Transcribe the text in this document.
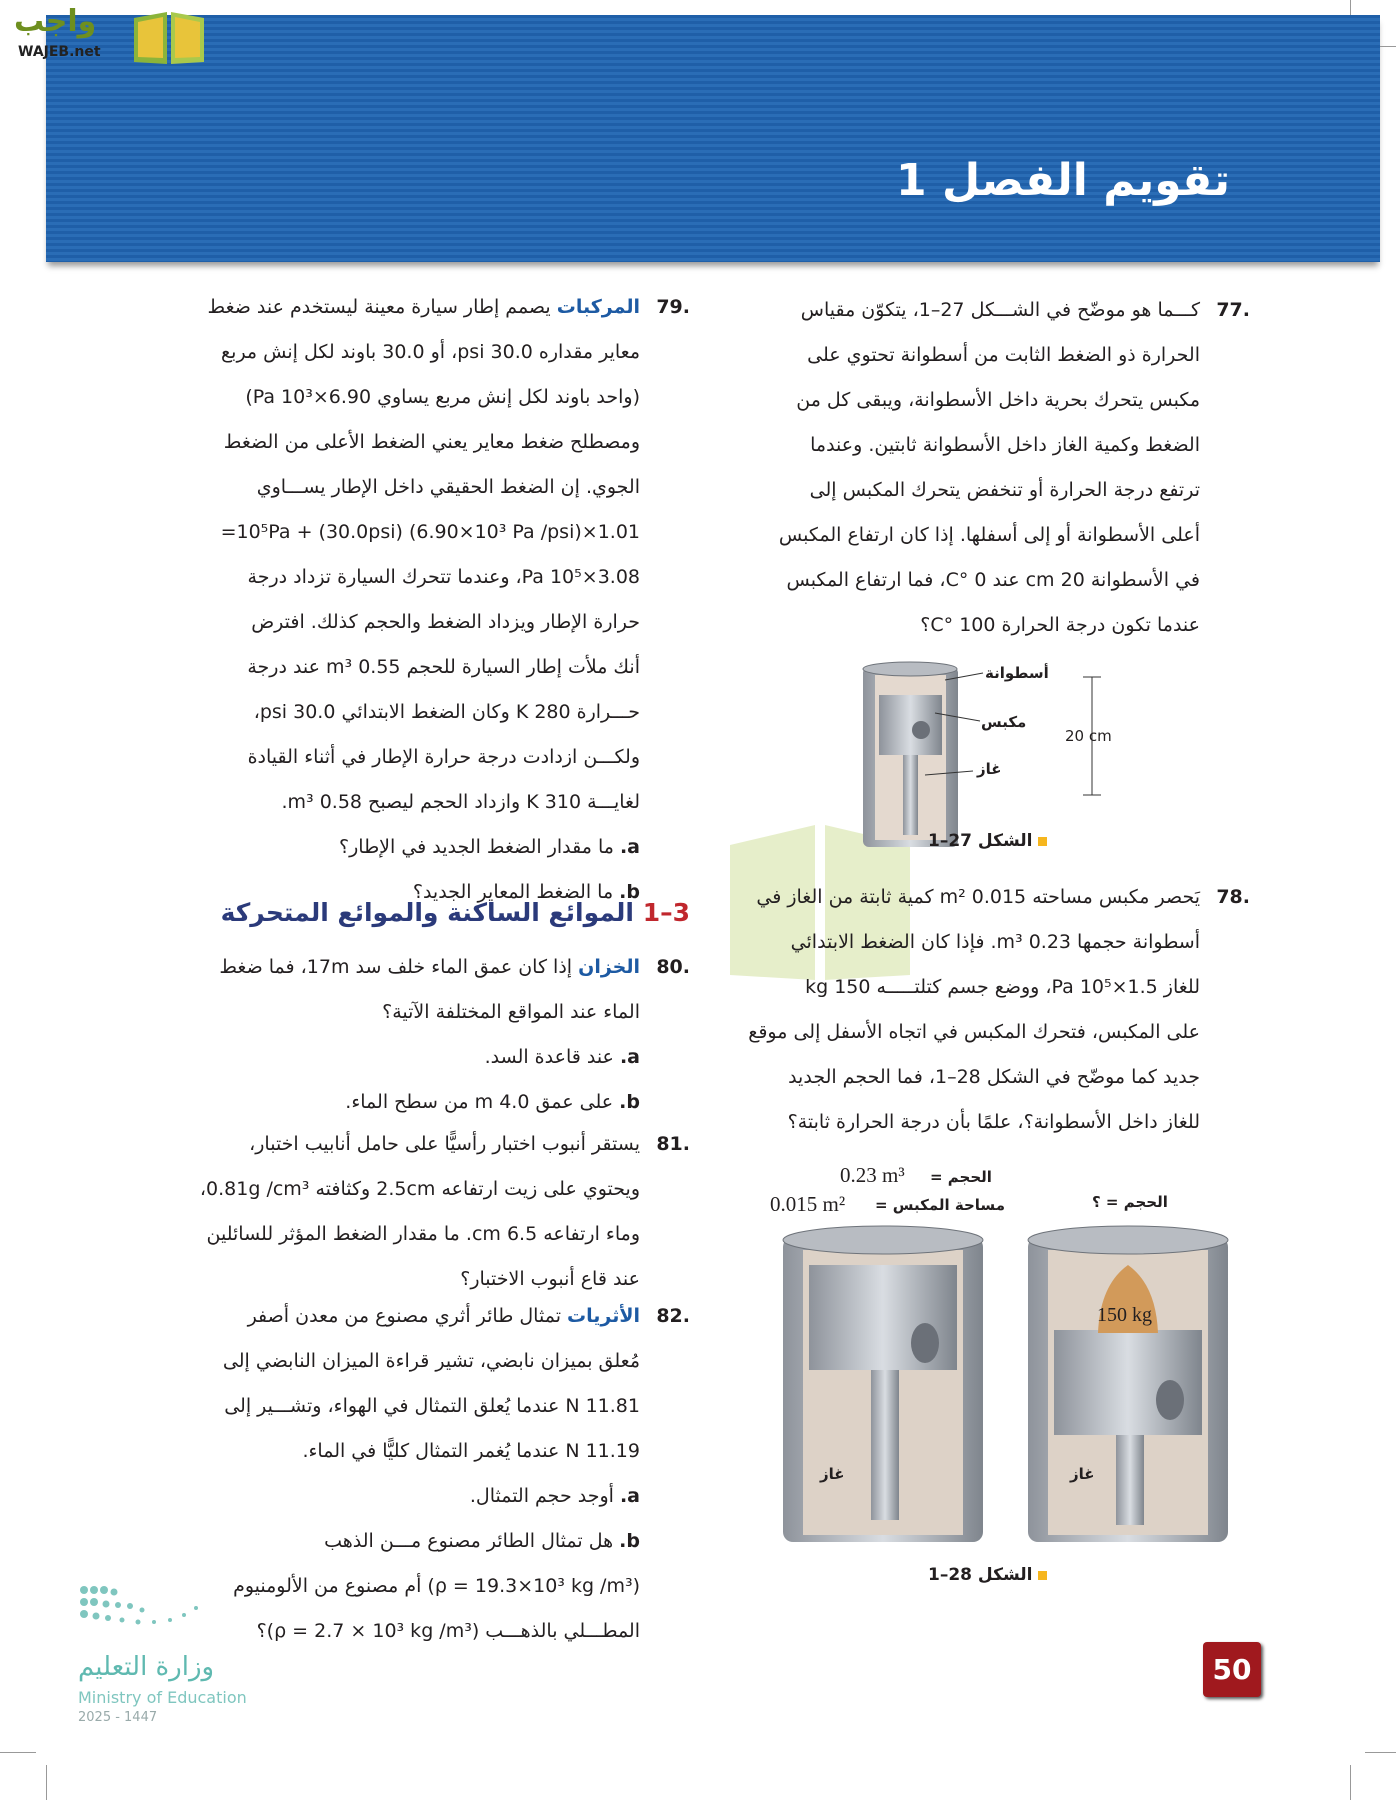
واجب
WAJEB.net
تقويم الفصل 1
77.كـــما هو موضّح في الشـــكل 27–1، يتكوّن مقياس
الحرارة ذو الضغط الثابت من أسطوانة تحتوي على
مكبس يتحرك بحرية داخل الأسطوانة، ويبقى كل من
الضغط وكمية الغاز داخل الأسطوانة ثابتين. وعندما
ترتفع درجة الحرارة أو تنخفض يتحرك المكبس إلى
أعلى الأسطوانة أو إلى أسفلها. إذا كان ارتفاع المكبس
في الأسطوانة 20 cm عند 0 °C، فما ارتفاع المكبس
عندما تكون درجة الحرارة 100 °C؟
أسطوانة
مكبس
غاز
20 cm
الشكل 27–1
78.يَحصر مكبس مساحته 0.015 m² كمية ثابتة من الغاز في
أسطوانة حجمها 0.23 m³. فإذا كان الضغط الابتدائي
للغاز 1.5×10⁵ Pa، ووضع جسم كتلتـــــه 150 kg
على المكبس، فتحرك المكبس في اتجاه الأسفل إلى موقع
جديد كما موضّح في الشكل 28–1، فما الحجم الجديد
للغاز داخل الأسطوانة؟، علمًا بأن درجة الحرارة ثابتة؟
الحجم =
0.23 m³
مساحة المكبس =
0.015 m²	الحجم = ؟
غاز	غاز
150 kg
الشكل 28–1
79.المركبات يصمم إطار سيارة معينة ليستخدم عند ضغط
معاير مقداره 30.0 psi، أو 30.0 باوند لكل إنش مربع
(واحد باوند لكل إنش مربع يساوي 6.90×10³ Pa)
ومصطلح ضغط معاير يعني الضغط الأعلى من الضغط
الجوي. إن الضغط الحقيقي داخل الإطار يســـاوي
1.01×10⁵Pa + (30.0psi) (6.90×10³ Pa /psi)=
3.08×10⁵ Pa، وعندما تتحرك السيارة تزداد درجة
حرارة الإطار ويزداد الضغط والحجم كذلك. افترض
أنك ملأت إطار السيارة للحجم 0.55 m³ عند درجة
حـــرارة 280 K وكان الضغط الابتدائي 30.0 psi،
ولكـــن ازدادت درجة حرارة الإطار في أثناء القيادة
لغايـــة 310 K وازداد الحجم ليصبح 0.58 m³.
a. ما مقدار الضغط الجديد في الإطار؟
b. ما الضغط المعاير الجديد؟
3–1 الموائع الساكنة والموائع المتحركة
80.الخزان إذا كان عمق الماء خلف سد 17m، فما ضغط
الماء عند المواقع المختلفة الآتية؟
a. عند قاعدة السد.
b. على عمق 4.0 m من سطح الماء.
81.يستقر أنبوب اختبار رأسيًّا على حامل أنابيب اختبار،
ويحتوي على زيت ارتفاعه 2.5cm وكثافته 0.81g /cm³،
وماء ارتفاعه 6.5 cm. ما مقدار الضغط المؤثر للسائلين
عند قاع أنبوب الاختبار؟
82.الأثريات تمثال طائر أثري مصنوع من معدن أصفر
مُعلق بميزان نابضي، تشير قراءة الميزان النابضي إلى
11.81 N عندما يُعلق التمثال في الهواء، وتشـــير إلى
11.19 N عندما يُغمر التمثال كليًّا في الماء.
a. أوجد حجم التمثال.
b. هل تمثال الطائر مصنوع مـــن الذهب
(ρ = 19.3×10³ kg /m³) أم مصنوع من الألومنيوم
المطـــلي بالذهـــب (ρ = 2.7 × 10³ kg /m³)؟
وزارة التعليم
Ministry of Education
2025 - 1447
50
